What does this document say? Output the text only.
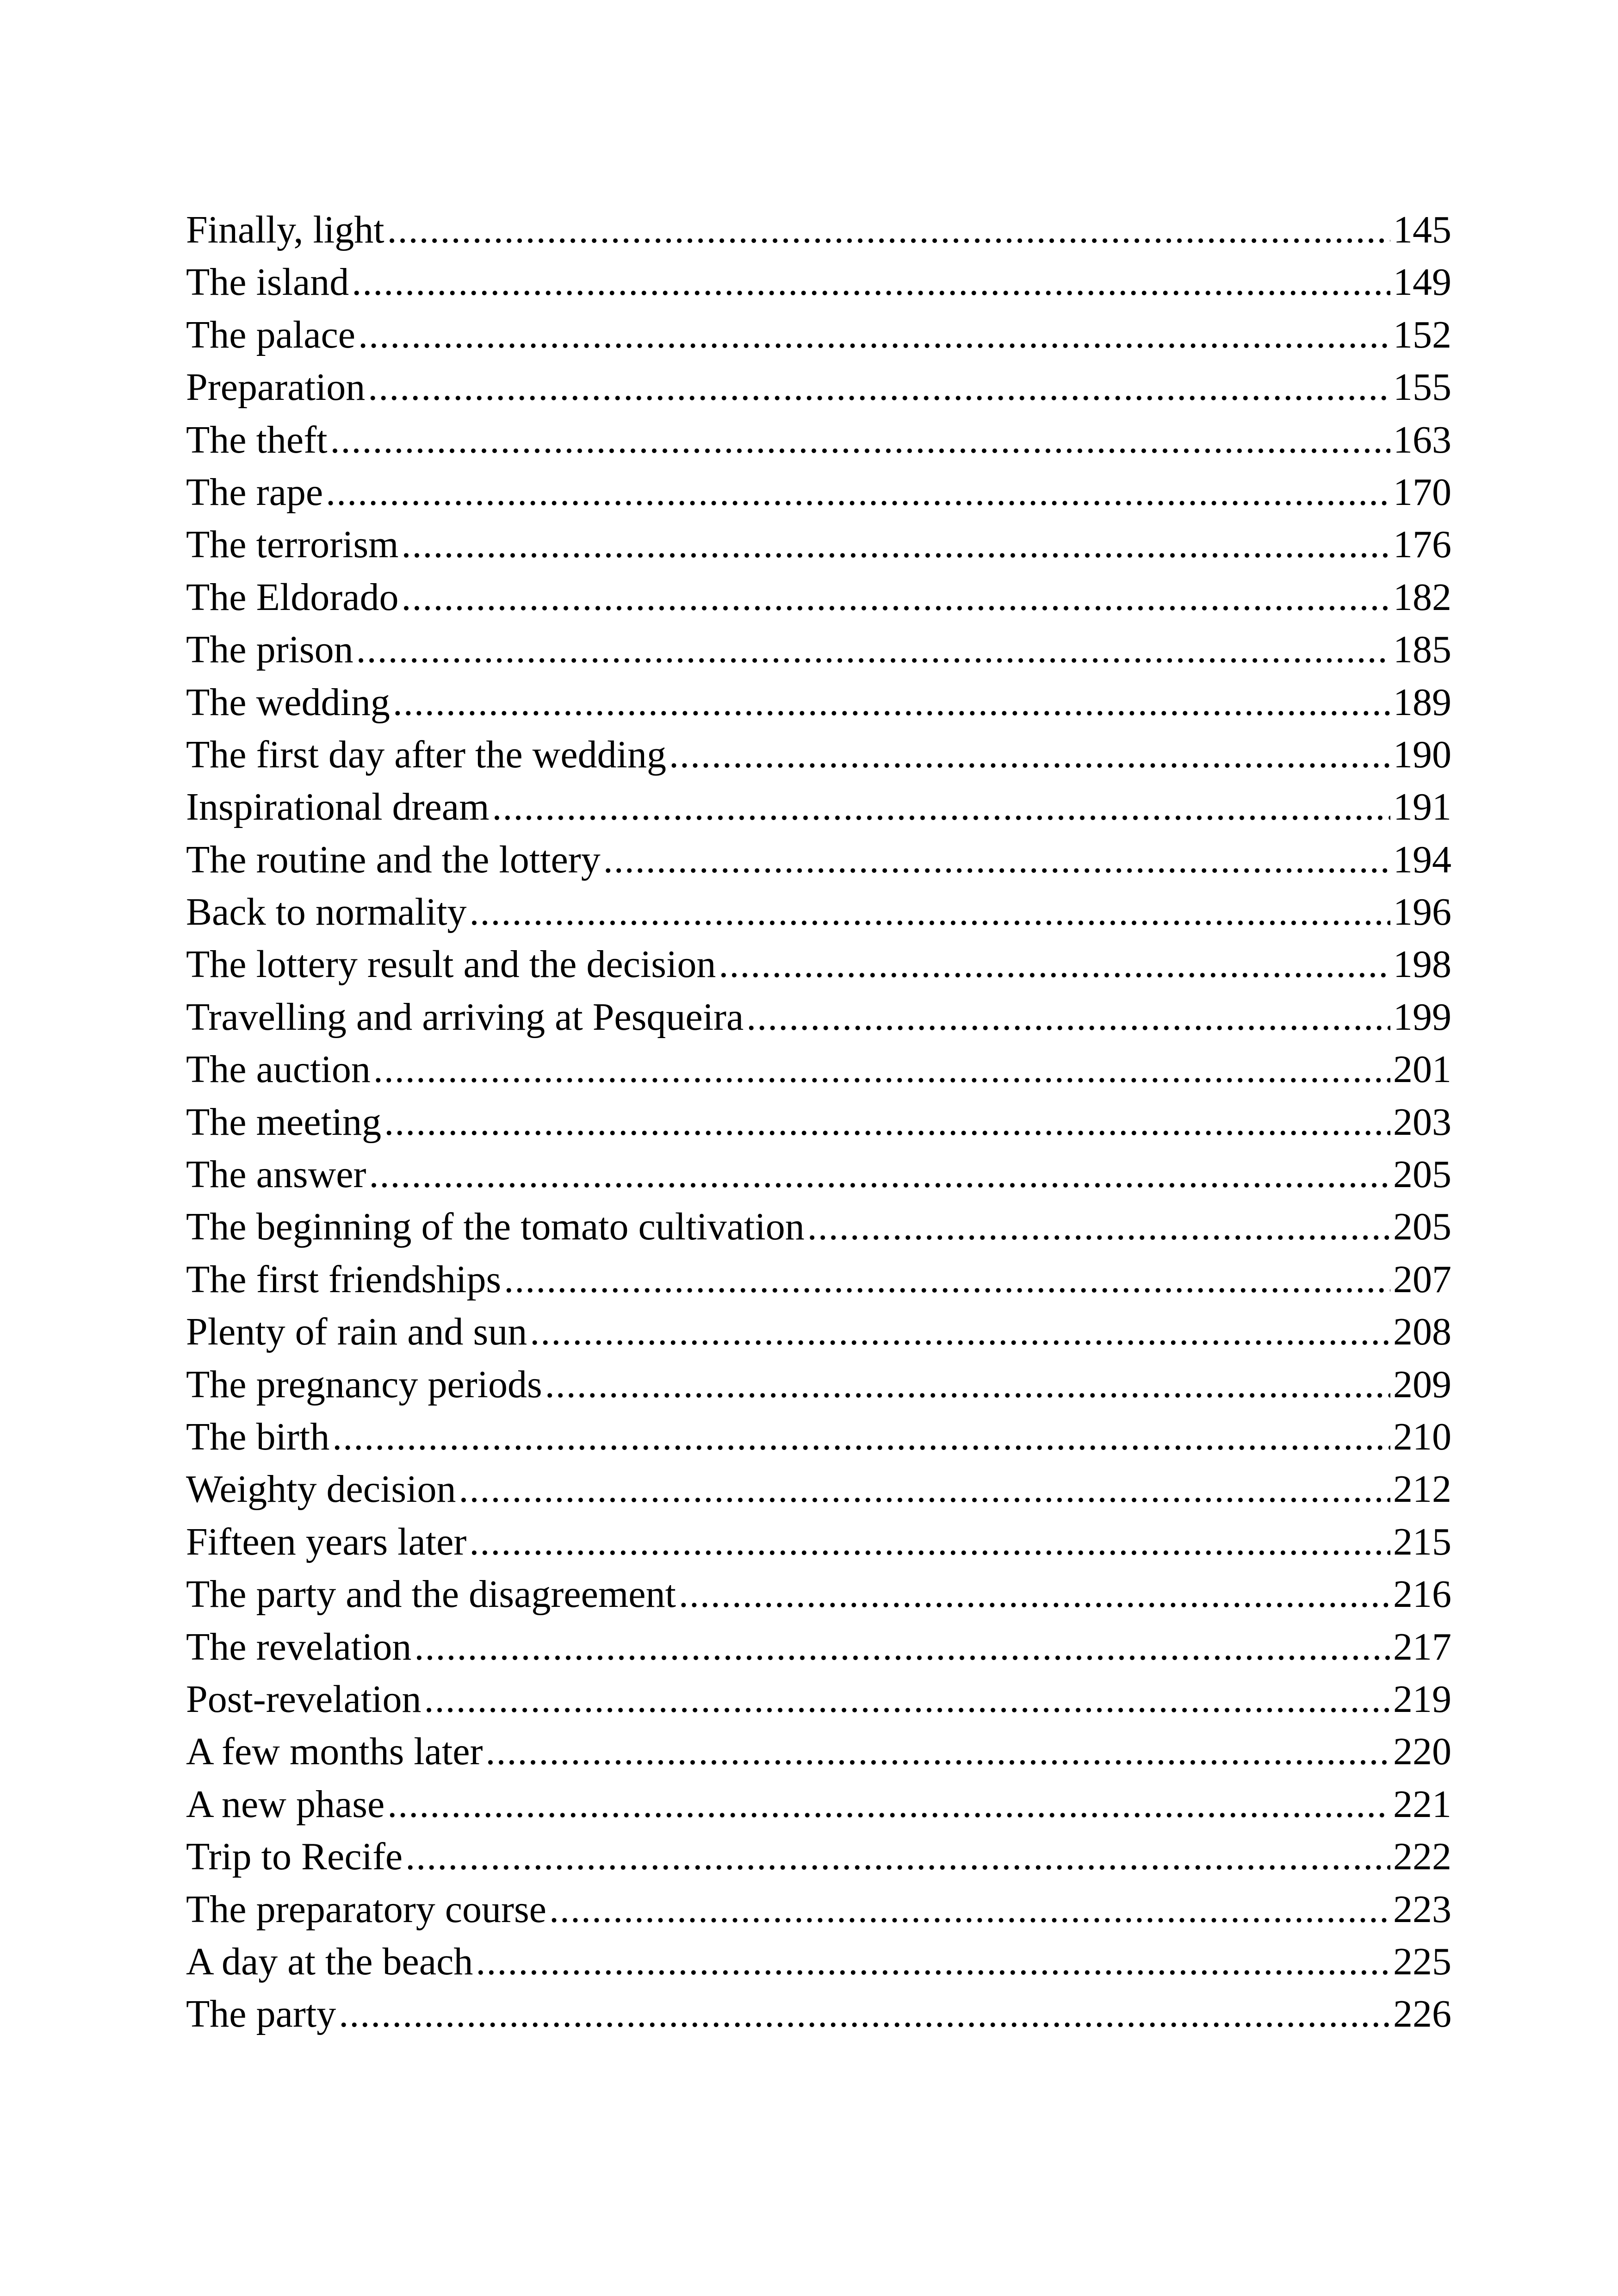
Finally, light .....	145
The island .....	149
The palace .....	152
Preparation .....	155
The theft .....	163
The rape .....	170
The terrorism .....	176
The Eldorado .....	182
The prison .....	185
The wedding .....	189
The first day after the wedding .....	190
Inspirational dream .....	191
The routine and the lottery .....	194
Back to normality .....	196
The lottery result and the decision .....	198
Travelling and arriving at Pesqueira .....	199
The auction .....	201
The meeting .....	203
The answer .....	205
The beginning of the tomato cultivation .....	205
The first friendships .....	207
Plenty of rain and sun .....	208
The pregnancy periods .....	209
The birth .....	210
Weighty decision .....	212
Fifteen years later .....	215
The party and the disagreement .....	216
The revelation .....	217
Post-revelation .....	219
A few months later .....	220
A new phase .....	221
Trip to Recife .....	222
The preparatory course .....	223
A day at the beach .....	225
The party .....	226
